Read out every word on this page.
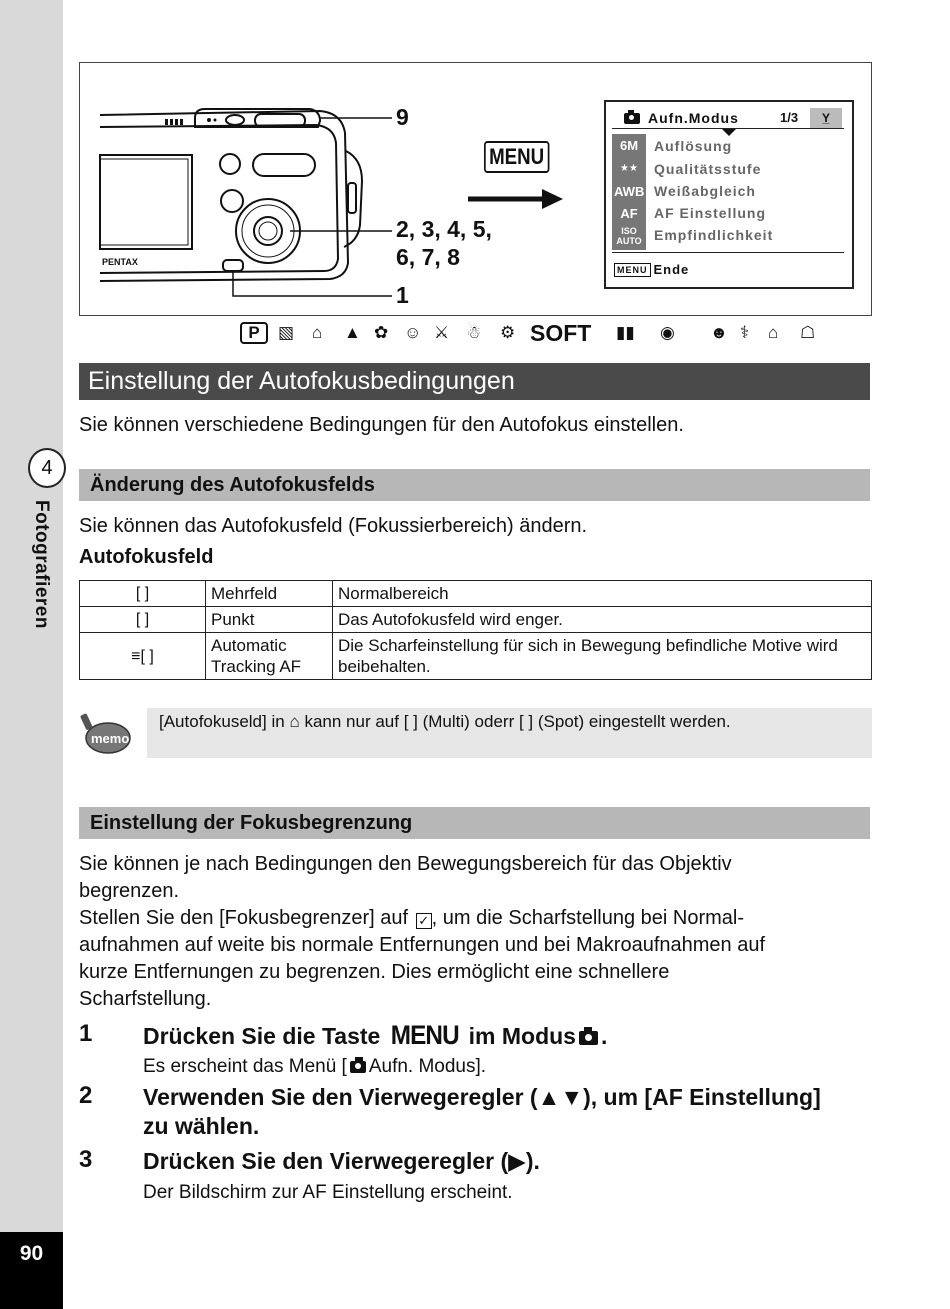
4
Fotografieren
90
PENTAX
9
2, 3, 4, 5,
6, 7, 8
1
MENU
Aufn.Modus	1/3	Y̲
6M
★★
AWB
AF
ISO AUTO
Auflösung
Qualitätsstufe
Weißabgleich
AF Einstellung
Empfindlichkeit
MENU Ende
P	▧ ⌂ ▲ ✿ ☺ ⚔ ☃ ⚙ SOFT ▮▮ ◉ ☻ ⚕ ⌂ ☖
Einstellung der Autofokusbedingungen
Sie können verschiedene Bedingungen für den Autofokus einstellen.
Änderung des Autofokusfelds
Sie können das Autofokusfeld (Fokussierbereich) ändern.
Autofokusfeld
[ ]	Mehrfeld	Normalbereich
[ ]	Punkt	Das Autofokusfeld wird enger.
≡[ ]	Automatic Tracking AF	Die Scharfeinstellung für sich in Bewegung befindliche Motive wird beibehalten.
memo
[Autofokuseld] in ⌂ kann nur auf [ ] (Multi) oderr [ ] (Spot) eingestellt werden.
Einstellung der Fokusbegrenzung
Sie können je nach Bedingungen den Bewegungsbereich für das Objektiv
begrenzen.
Stellen Sie den [Fokusbegrenzer] auf ✓ , um die Scharfstellung bei Normal-
aufnahmen auf weite bis normale Entfernungen und bei Makroaufnahmen auf
kurze Entfernungen zu begrenzen. Dies ermöglicht eine schnellere
Scharfstellung.
1 Drücken Sie die Taste MENU im Modus .
Es erscheint das Menü [ Aufn. Modus].
2 Verwenden Sie den Vierwegeregler (▲▼), um [AF Einstellung]
zu wählen.
3 Drücken Sie den Vierwegeregler (▶).
Der Bildschirm zur AF Einstellung erscheint.
